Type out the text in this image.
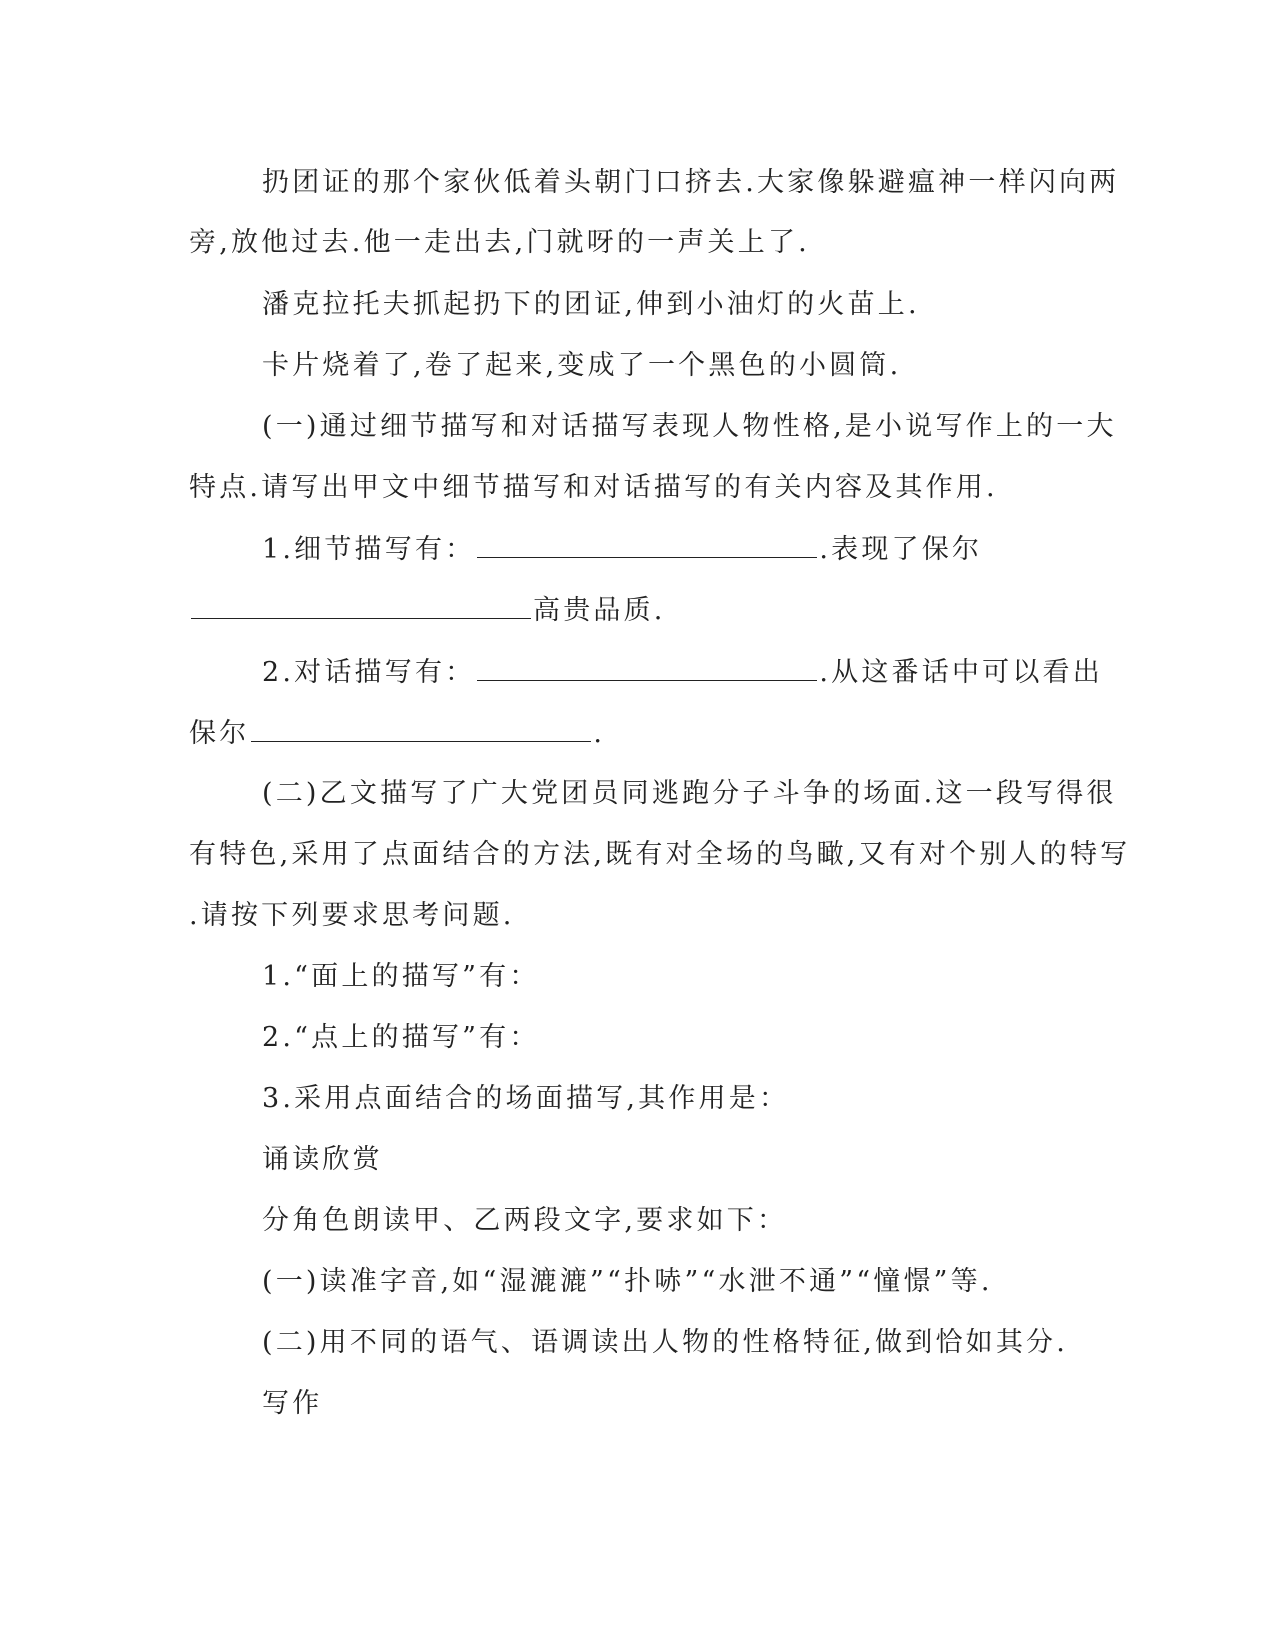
扔团证的那个家伙低着头朝门口挤去.大家像躲避瘟神一样闪向两
旁,放他过去.他一走出去,门就呀的一声关上了.
潘克拉托夫抓起扔下的团证,伸到小油灯的火苗上.
卡片烧着了,卷了起来,变成了一个黑色的小圆筒.
(一)通过细节描写和对话描写表现人物性格,是小说写作上的一大
特点.请写出甲文中细节描写和对话描写的有关内容及其作用.
1.细节描写有：	.表现了保尔
高贵品质.
2.对话描写有：	.从这番话中可以看出
保尔	.
(二)乙文描写了广大党团员同逃跑分子斗争的场面.这一段写得很
有特色,采用了点面结合的方法,既有对全场的鸟瞰,又有对个别人的特写
.请按下列要求思考问题.
1.“面上的描写”有：
2.“点上的描写”有：
3.采用点面结合的场面描写,其作用是：
诵读欣赏
分角色朗读甲、乙两段文字,要求如下：
(一)读准字音,如“湿漉漉”“扑哧”“水泄不通”“憧憬”等.
(二)用不同的语气、语调读出人物的性格特征,做到恰如其分.
写作
